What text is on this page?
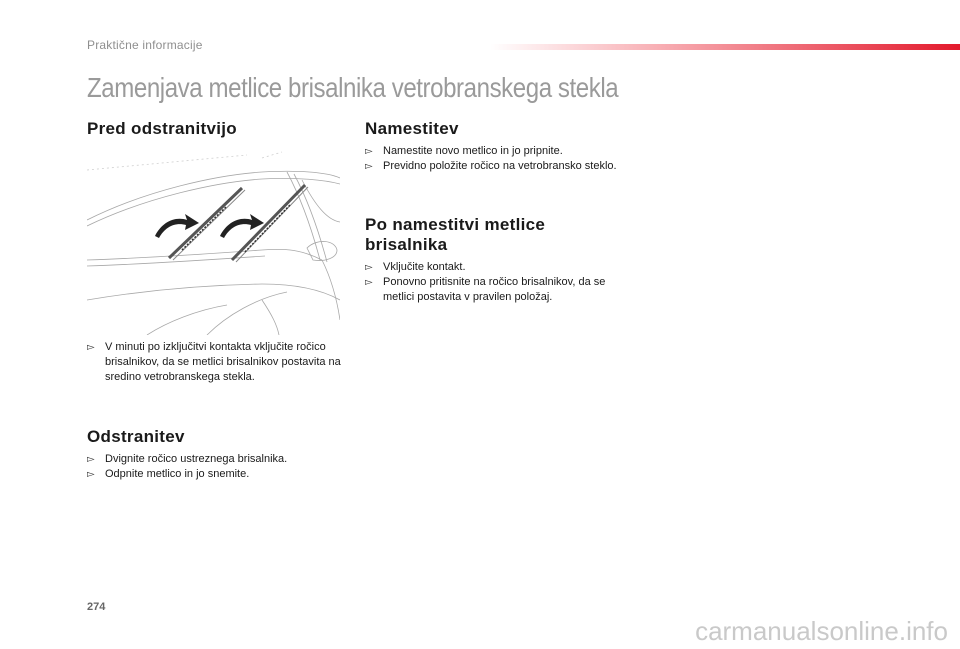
Praktične informacije
Zamenjava metlice brisalnika vetrobranskega stekla
Pred odstranitvijo
▻ V minuti po izključitvi kontakta vključite ročico brisalnikov, da se metlici brisalnikov postavita na sredino vetrobranskega stekla.
Odstranitev
▻ Dvignite ročico ustreznega brisalnika.
▻ Odpnite metlico in jo snemite.
Namestitev
▻ Namestite novo metlico in jo pripnite.
▻ Previdno položite ročico na vetrobransko steklo.
Po namestitvi metlice brisalnika
▻ Vključite kontakt.
▻ Ponovno pritisnite na ročico brisalnikov, da se metlici postavita v pravilen položaj.
274
carmanualsonline.info
